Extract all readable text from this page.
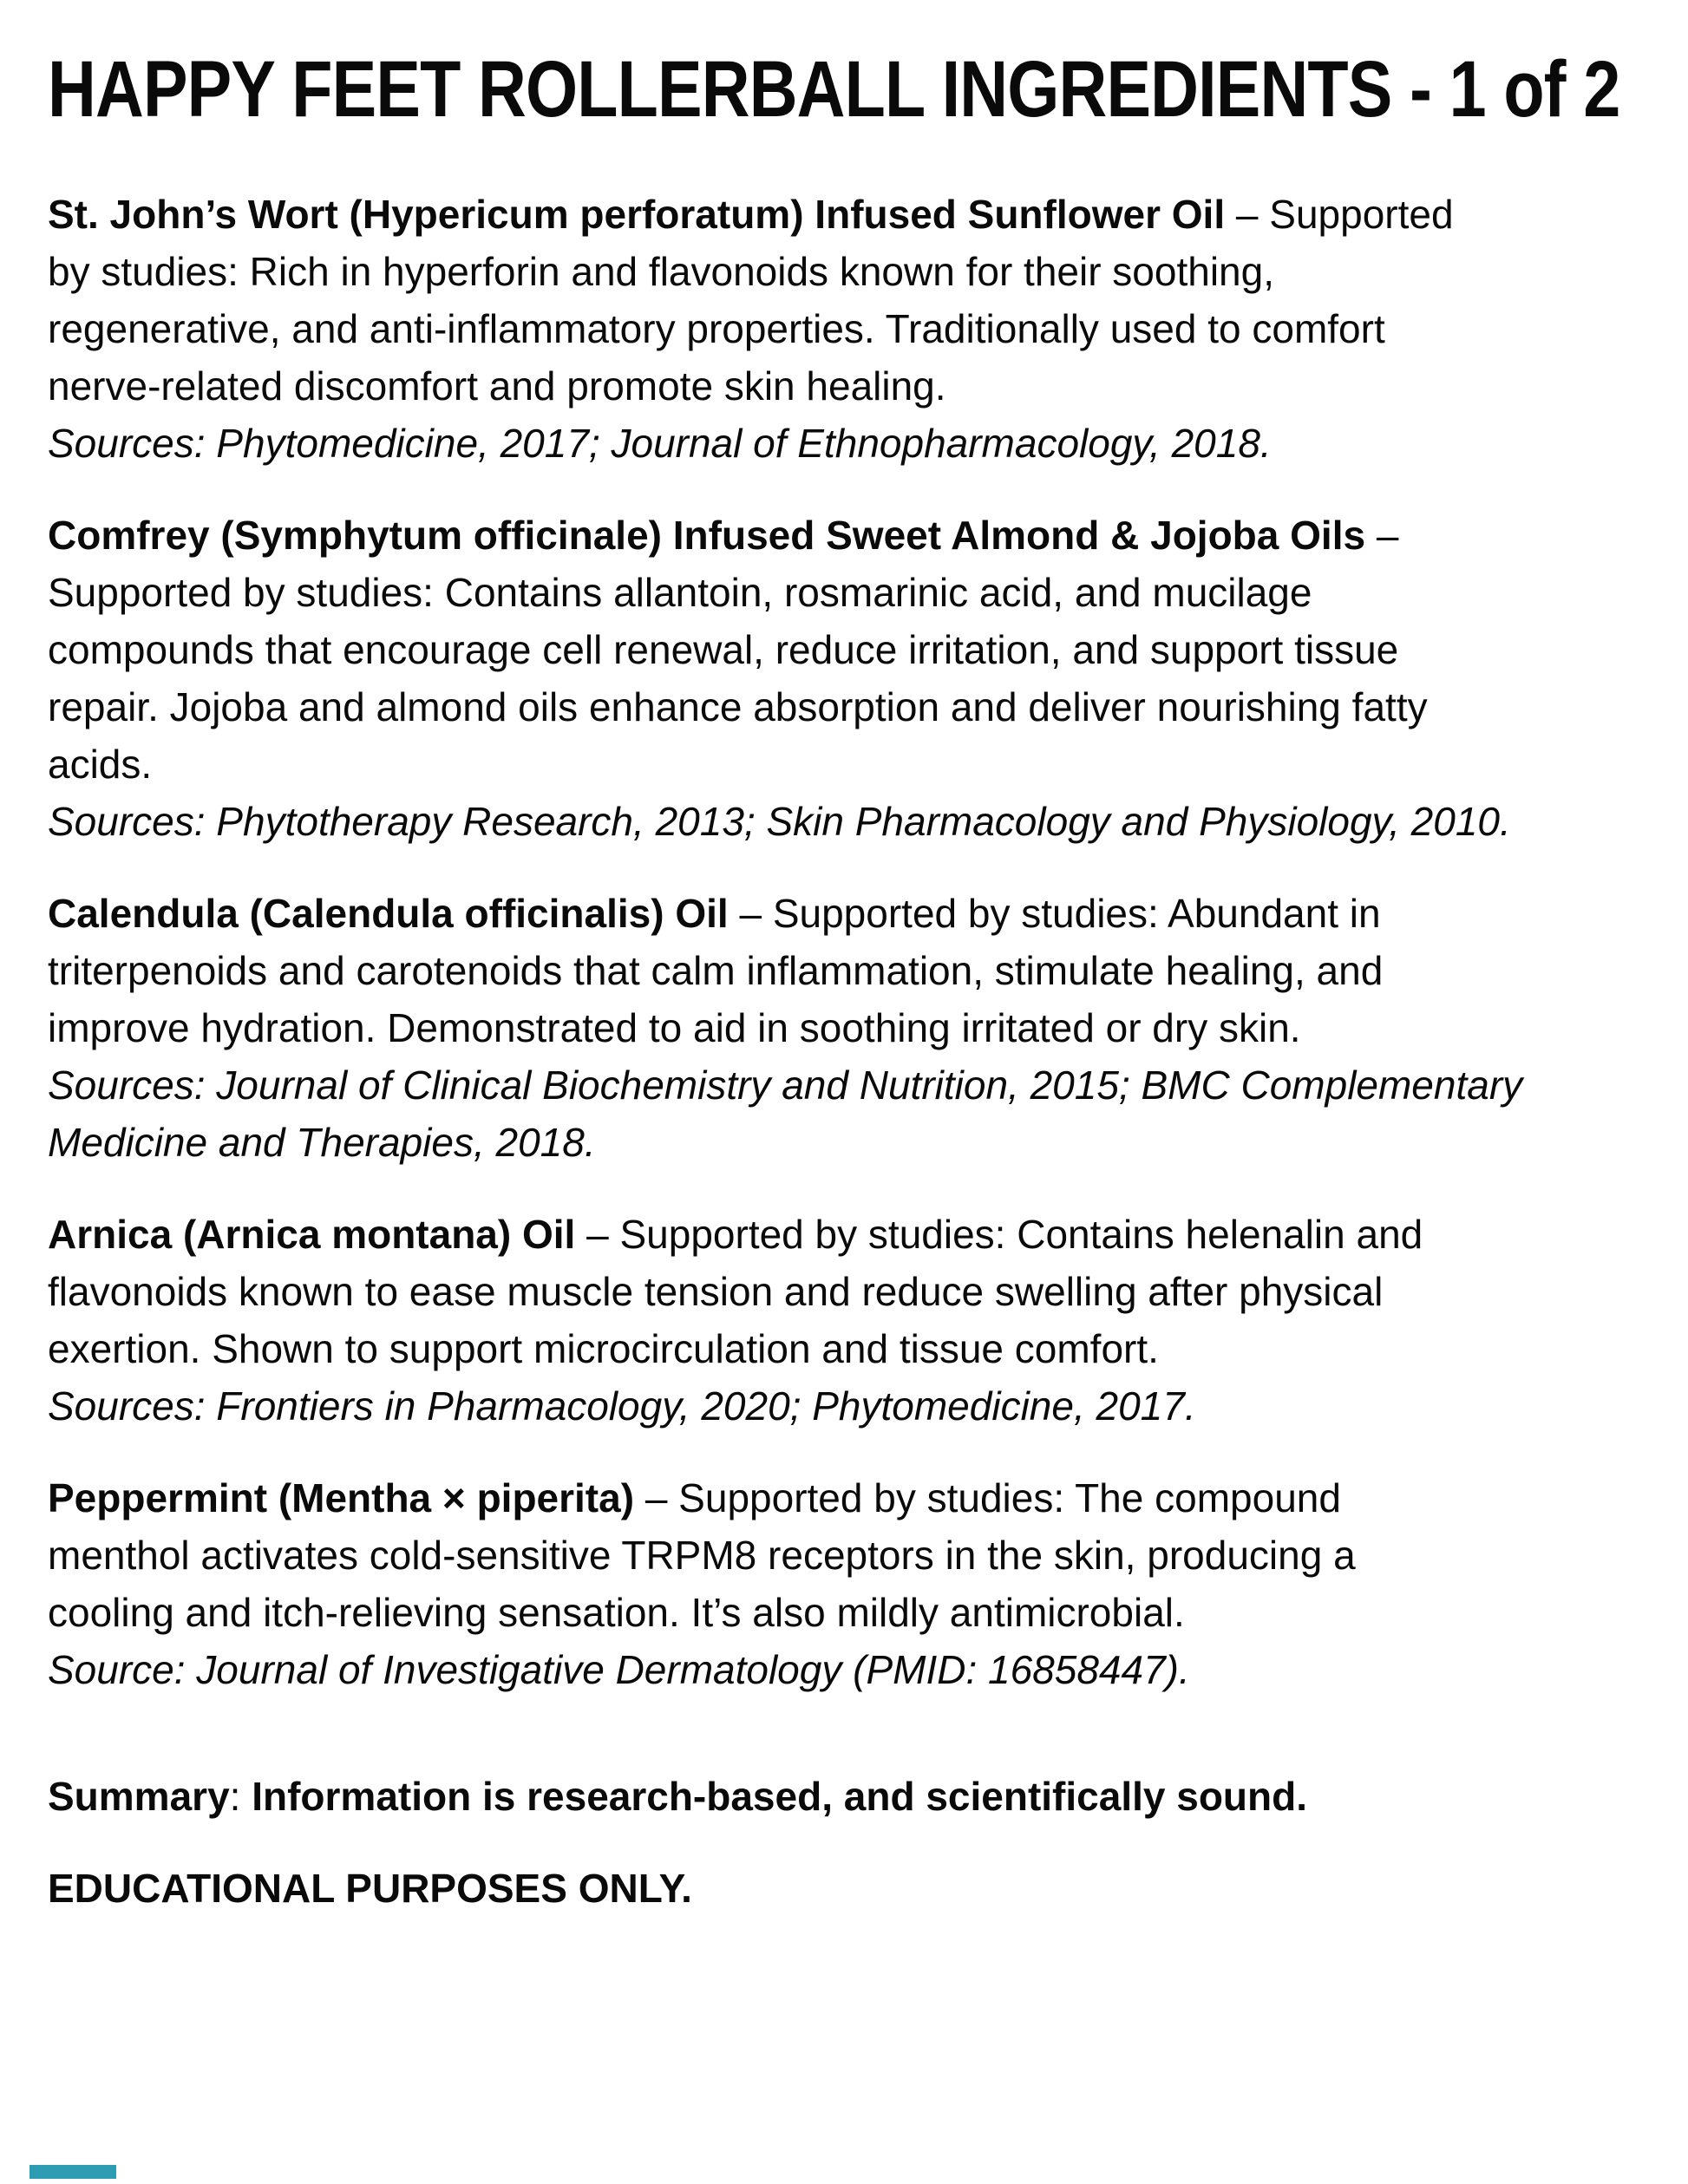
HAPPY FEET ROLLERBALL INGREDIENTS - 1 of 2

St. John’s Wort (Hypericum perforatum) Infused Sunflower Oil – Supported
by studies: Rich in hyperforin and flavonoids known for their soothing,
regenerative, and anti-inflammatory properties. Traditionally used to comfort
nerve-related discomfort and promote skin healing.
Sources: Phytomedicine, 2017; Journal of Ethnopharmacology, 2018.

Comfrey (Symphytum officinale) Infused Sweet Almond & Jojoba Oils –
Supported by studies: Contains allantoin, rosmarinic acid, and mucilage
compounds that encourage cell renewal, reduce irritation, and support tissue
repair. Jojoba and almond oils enhance absorption and deliver nourishing fatty
acids.
Sources: Phytotherapy Research, 2013; Skin Pharmacology and Physiology, 2010.

Calendula (Calendula officinalis) Oil – Supported by studies: Abundant in
triterpenoids and carotenoids that calm inflammation, stimulate healing, and
improve hydration. Demonstrated to aid in soothing irritated or dry skin.
Sources: Journal of Clinical Biochemistry and Nutrition, 2015; BMC Complementary
Medicine and Therapies, 2018.

Arnica (Arnica montana) Oil – Supported by studies: Contains helenalin and
flavonoids known to ease muscle tension and reduce swelling after physical
exertion. Shown to support microcirculation and tissue comfort.
Sources: Frontiers in Pharmacology, 2020; Phytomedicine, 2017.

Peppermint (Mentha × piperita) – Supported by studies: The compound
menthol activates cold-sensitive TRPM8 receptors in the skin, producing a
cooling and itch-relieving sensation. It’s also mildly antimicrobial.
Source: Journal of Investigative Dermatology (PMID: 16858447).

Summary: Information is research-based, and scientifically sound.

EDUCATIONAL PURPOSES ONLY.
